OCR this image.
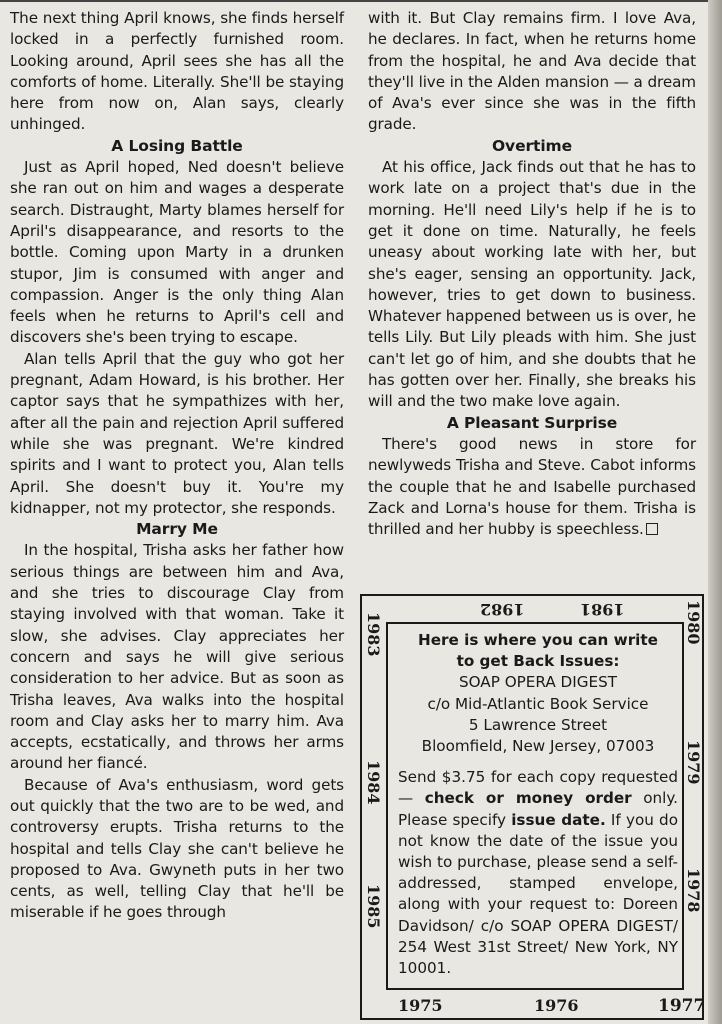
The next thing April knows, she finds herself locked in a perfectly furnished room. Looking around, April sees she has all the comforts of home. Literally. She'll be staying here from now on, Alan says, clearly unhinged.

A Losing Battle

Just as April hoped, Ned doesn't believe she ran out on him and wages a desperate search. Distraught, Marty blames herself for April's disappearance, and resorts to the bottle. Coming upon Marty in a drunken stupor, Jim is consumed with anger and compassion. Anger is the only thing Alan feels when he returns to April's cell and discovers she's been trying to escape.

Alan tells April that the guy who got her pregnant, Adam Howard, is his brother. Her captor says that he sympathizes with her, after all the pain and rejection April suffered while she was pregnant. We're kindred spirits and I want to protect you, Alan tells April. She doesn't buy it. You're my kidnapper, not my protector, she responds.

Marry Me

In the hospital, Trisha asks her father how serious things are between him and Ava, and she tries to discourage Clay from staying involved with that woman. Take it slow, she advises. Clay appreciates her concern and says he will give serious consideration to her advice. But as soon as Trisha leaves, Ava walks into the hospital room and Clay asks her to marry him. Ava accepts, ecstatically, and throws her arms around her fiancé.

Because of Ava's enthusiasm, word gets out quickly that the two are to be wed, and controversy erupts. Trisha returns to the hospital and tells Clay she can't believe he proposed to Ava. Gwyneth puts in her two cents, as well, telling Clay that he'll be miserable if he goes through

with it. But Clay remains firm. I love Ava, he declares. In fact, when he returns home from the hospital, he and Ava decide that they'll live in the Alden mansion — a dream of Ava's ever since she was in the fifth grade.

Overtime

At his office, Jack finds out that he has to work late on a project that's due in the morning. He'll need Lily's help if he is to get it done on time. Naturally, he feels uneasy about working late with her, but she's eager, sensing an opportunity. Jack, however, tries to get down to business. Whatever happened between us is over, he tells Lily. But Lily pleads with him. She just can't let go of him, and she doubts that he has gotten over her. Finally, she breaks his will and the two make love again.

A Pleasant Surprise

There's good news in store for newlyweds Trisha and Steve. Cabot informs the couple that he and Isabelle purchased Zack and Lorna's house for them. Trisha is thrilled and her hubby is speechless.

1983
1982	1981	1980
1984	1979
1985	1978
1975	1976	1977

Here is where you can write
to get Back Issues:

SOAP OPERA DIGEST
c/o Mid-Atlantic Book Service
5 Lawrence Street
Bloomfield, New Jersey, 07003

Send $3.75 for each copy requested — check or money order only. Please specify issue date. If you do not know the date of the issue you wish to purchase, please send a self-addressed, stamped envelope, along with your request to: Doreen Davidson/ c/o SOAP OPERA DIGEST/ 254 West 31st Street/ New York, NY 10001.
